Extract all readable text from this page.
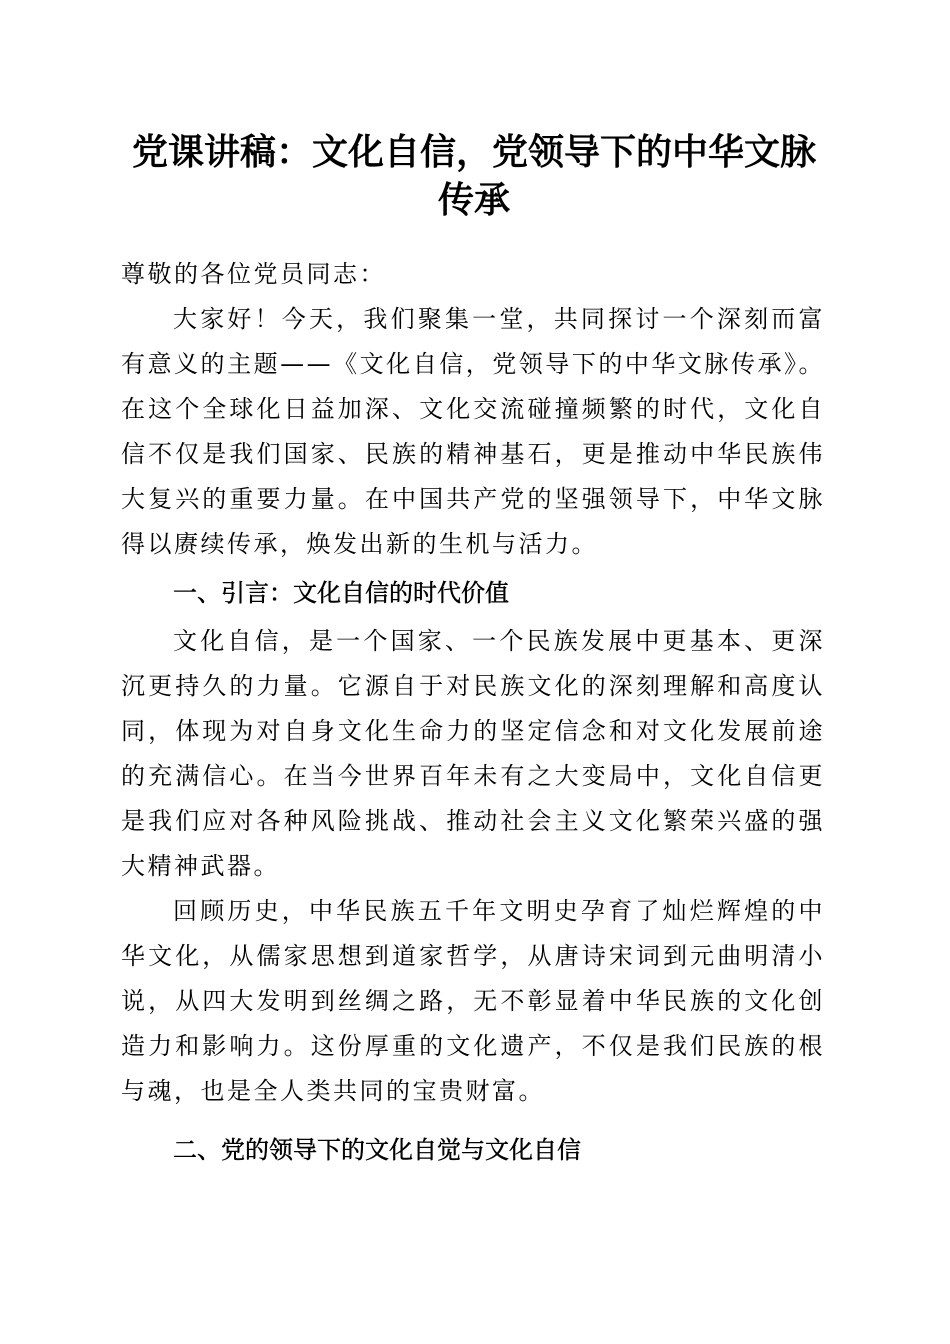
党课讲稿：文化自信，党领导下的中华文脉传承

尊敬的各位党员同志：

大家好！今天，我们聚集一堂，共同探讨一个深刻而富有意义的主题——《文化自信，党领导下的中华文脉传承》。在这个全球化日益加深、文化交流碰撞频繁的时代，文化自信不仅是我们国家、民族的精神基石，更是推动中华民族伟大复兴的重要力量。在中国共产党的坚强领导下，中华文脉得以赓续传承，焕发出新的生机与活力。

一、引言：文化自信的时代价值

文化自信，是一个国家、一个民族发展中更基本、更深沉更持久的力量。它源自于对民族文化的深刻理解和高度认同，体现为对自身文化生命力的坚定信念和对文化发展前途的充满信心。在当今世界百年未有之大变局中，文化自信更是我们应对各种风险挑战、推动社会主义文化繁荣兴盛的强大精神武器。

回顾历史，中华民族五千年文明史孕育了灿烂辉煌的中华文化，从儒家思想到道家哲学，从唐诗宋词到元曲明清小说，从四大发明到丝绸之路，无不彰显着中华民族的文化创造力和影响力。这份厚重的文化遗产，不仅是我们民族的根与魂，也是全人类共同的宝贵财富。

二、党的领导下的文化自觉与文化自信
